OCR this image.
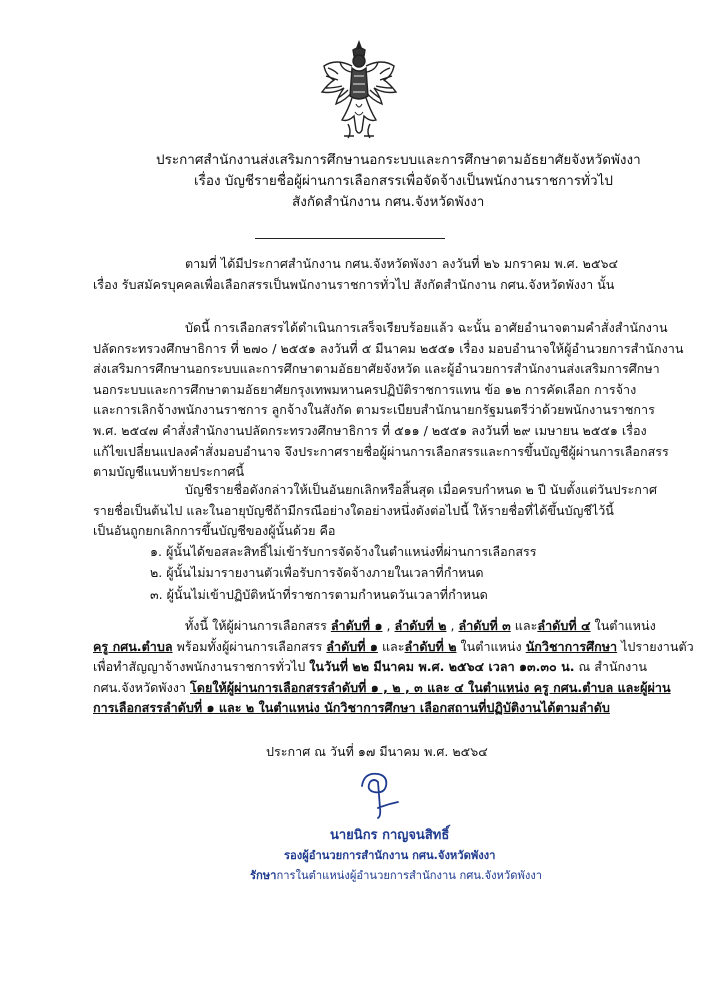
ประกาศสำนักงานส่งเสริมการศึกษานอกระบบและการศึกษาตามอัธยาศัยจังหวัดพังงา
เรื่อง บัญชีรายชื่อผู้ผ่านการเลือกสรรเพื่อจัดจ้างเป็นพนักงานราชการทั่วไป
สังกัดสำนักงาน กศน.จังหวัดพังงา
ตามที่ ได้มีประกาศสำนักงาน กศน.จังหวัดพังงา ลงวันที่ ๒๖ มกราคม พ.ศ. ๒๕๖๔
เรื่อง รับสมัครบุคคลเพื่อเลือกสรรเป็นพนักงานราชการทั่วไป สังกัดสำนักงาน กศน.จังหวัดพังงา นั้น
บัดนี้ การเลือกสรรได้ดำเนินการเสร็จเรียบร้อยแล้ว ฉะนั้น อาศัยอำนาจตามคำสั่งสำนักงาน
ปลัดกระทรวงศึกษาธิการ ที่ ๒๗๐ / ๒๕๕๑ ลงวันที่ ๕ มีนาคม ๒๕๕๑ เรื่อง มอบอำนาจให้ผู้อำนวยการสำนักงาน
ส่งเสริมการศึกษานอกระบบและการศึกษาตามอัธยาศัยจังหวัด และผู้อำนวยการสำนักงานส่งเสริมการศึกษา
นอกระบบและการศึกษาตามอัธยาศัยกรุงเทพมหานครปฏิบัติราชการแทน ข้อ ๑๒ การคัดเลือก การจ้าง
และการเลิกจ้างพนักงานราชการ ลูกจ้างในสังกัด ตามระเบียบสำนักนายกรัฐมนตรีว่าด้วยพนักงานราชการ
พ.ศ. ๒๕๔๗ คำสั่งสำนักงานปลัดกระทรวงศึกษาธิการ ที่ ๕๑๑ / ๒๕๕๑ ลงวันที่ ๒๙ เมษายน ๒๕๕๑ เรื่อง
แก้ไขเปลี่ยนแปลงคำสั่งมอบอำนาจ จึงประกาศรายชื่อผู้ผ่านการเลือกสรรและการขึ้นบัญชีผู้ผ่านการเลือกสรร
ตามบัญชีแนบท้ายประกาศนี้
บัญชีรายชื่อดังกล่าวให้เป็นอันยกเลิกหรือสิ้นสุด เมื่อครบกำหนด ๒ ปี นับตั้งแต่วันประกาศ
รายชื่อเป็นต้นไป และในอายุบัญชีถ้ามีกรณีอย่างใดอย่างหนึ่งดังต่อไปนี้ ให้รายชื่อที่ได้ขึ้นบัญชีไว้นี้
เป็นอันถูกยกเลิกการขึ้นบัญชีของผู้นั้นด้วย คือ
๑. ผู้นั้นได้ขอสละสิทธิ์ไม่เข้ารับการจัดจ้างในตำแหน่งที่ผ่านการเลือกสรร
๒. ผู้นั้นไม่มารายงานตัวเพื่อรับการจัดจ้างภายในเวลาที่กำหนด
๓. ผู้นั้นไม่เข้าปฏิบัติหน้าที่ราชการตามกำหนดวันเวลาที่กำหนด
ทั้งนี้ ให้ผู้ผ่านการเลือกสรร ลำดับที่ ๑ , ลำดับที่ ๒ , ลำดับที่ ๓ และลำดับที่ ๔ ในตำแหน่ง
ครู กศน.ตำบล พร้อมทั้งผู้ผ่านการเลือกสรร ลำดับที่ ๑ และลำดับที่ ๒ ในตำแหน่ง นักวิชาการศึกษา ไปรายงานตัว
เพื่อทำสัญญาจ้างพนักงานราชการทั่วไป ในวันที่ ๒๒ มีนาคม พ.ศ. ๒๕๖๔ เวลา ๑๓.๓๐ น. ณ สำนักงาน
กศน.จังหวัดพังงา โดยให้ผู้ผ่านการเลือกสรรลำดับที่ ๑ , ๒ , ๓ และ ๔ ในตำแหน่ง ครู กศน.ตำบล และผู้ผ่าน
การเลือกสรรลำดับที่ ๑ และ ๒ ในตำแหน่ง นักวิชาการศึกษา เลือกสถานที่ปฏิบัติงานได้ตามลำดับ
ประกาศ ณ วันที่ ๑๗ มีนาคม พ.ศ. ๒๕๖๔
นายนิกร กาญจนสิทธิ์
รองผู้อำนวยการสำนักงาน กศน.จังหวัดพังงา
รักษาการในตำแหน่งผู้อำนวยการสำนักงาน กศน.จังหวัดพังงา
